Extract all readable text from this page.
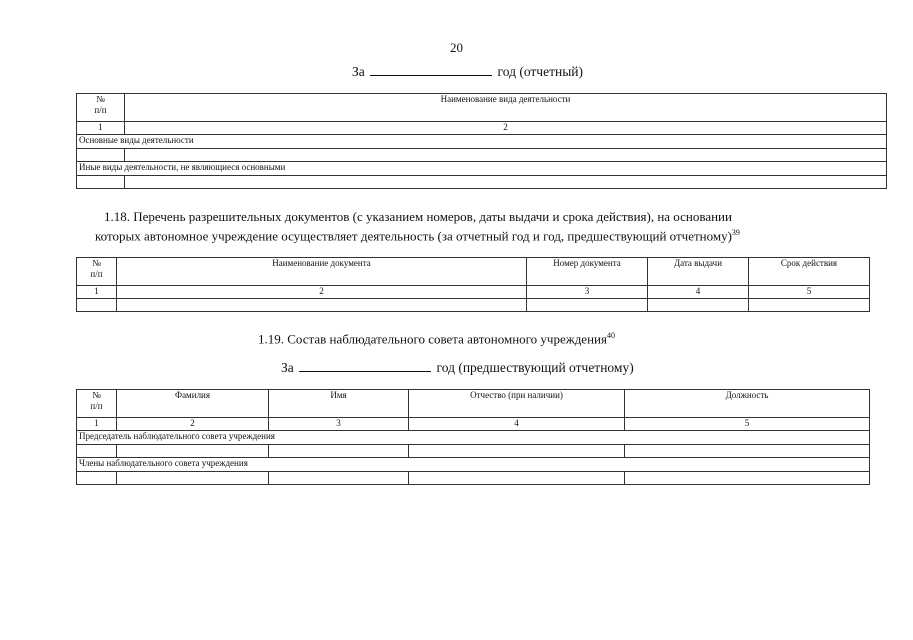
20
За	год (отчетный)
№
п/п	Наименование вида деятельности
1	2
Основные виды деятельности	

Иные виды деятельности, не являющиеся основными	

1.18. Перечень разрешительных документов (с указанием номеров, даты выдачи и срока действия), на основании
которых автономное учреждение осуществляет деятельность (за отчетный год и год, предшествующий отчетному)$^{39}$
№
п/п	Наименование документа	Номер документа	Дата выдачи	Срок действия
1	2	3	4	5

1.19. Состав наблюдательного совета автономного учреждения$^{40}$
За	год (предшествующий отчетному)
№
п/п	Фамилия	Имя	Отчество (при наличии)	Должность
1	2	3	4	5
Председатель наблюдательного совета учреждения				

Члены наблюдательного совета учреждения				
